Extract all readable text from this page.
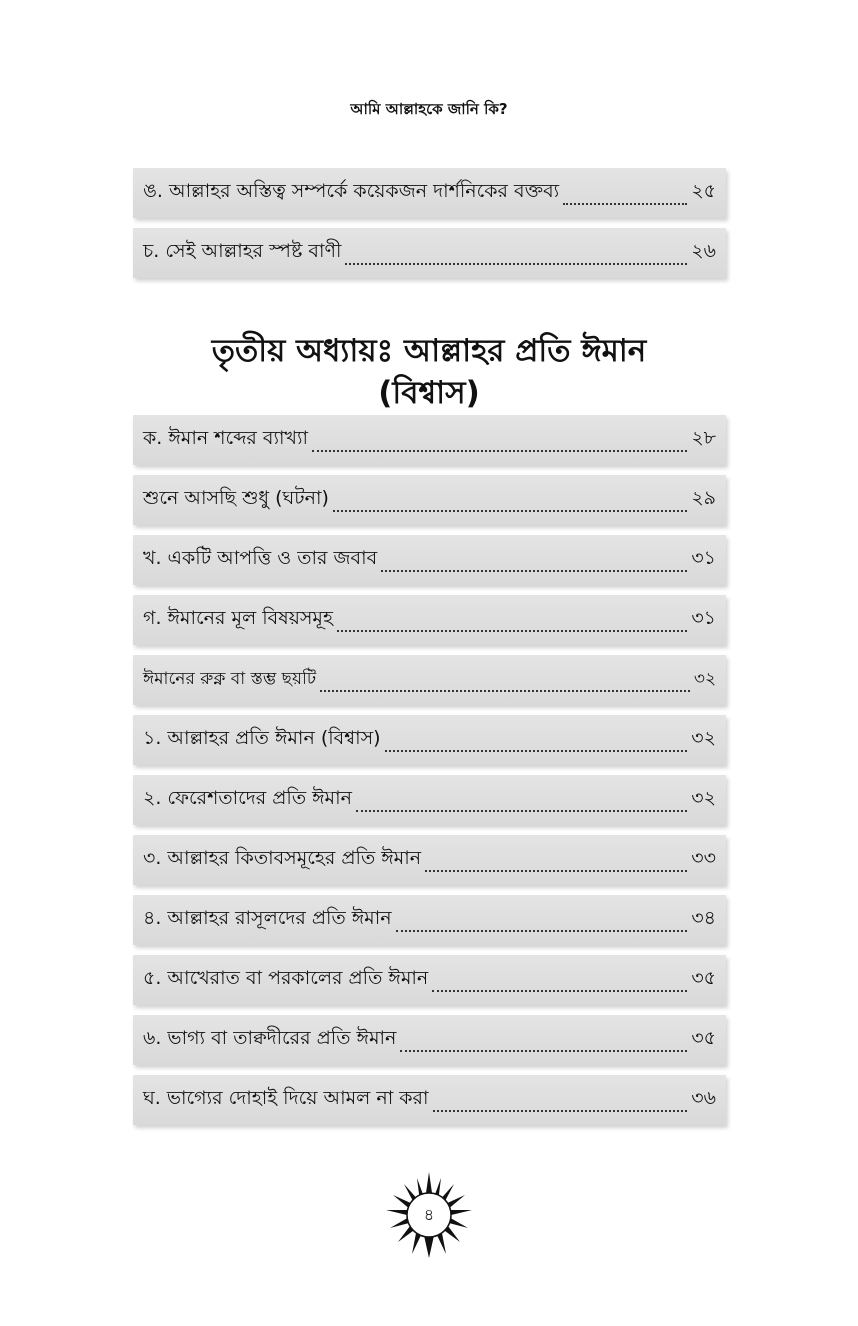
আমি আল্লাহকে জানি কি?
ঙ. আল্লাহর অস্তিত্ব সম্পর্কে কয়েকজন দার্শনিকের বক্তব্য	২৫
চ. সেই আল্লাহর স্পষ্ট বাণী	২৬
তৃতীয় অধ্যায়ঃ আল্লাহর প্রতি ঈমান
(বিশ্বাস)
ক. ঈমান শব্দের ব্যাখ্যা	২৮
শুনে আসছি শুধু (ঘটনা)	২৯
খ. একটি আপত্তি ও তার জবাব	৩১
গ. ঈমানের মূল বিষয়সমূহ	৩১
ঈমানের রুক্ন বা স্তম্ভ ছয়টি	৩২
১. আল্লাহর প্রতি ঈমান (বিশ্বাস)	৩২
২. ফেরেশতাদের প্রতি ঈমান	৩২
৩. আল্লাহর কিতাবসমূহের প্রতি ঈমান	৩৩
৪. আল্লাহর রাসূলদের প্রতি ঈমান	৩৪
৫. আখেরাত বা পরকালের প্রতি ঈমান	৩৫
৬. ভাগ্য বা তাক্বদীরের প্রতি ঈমান	৩৫
ঘ. ভাগ্যের দোহাই দিয়ে আমল না করা	৩৬
৪
